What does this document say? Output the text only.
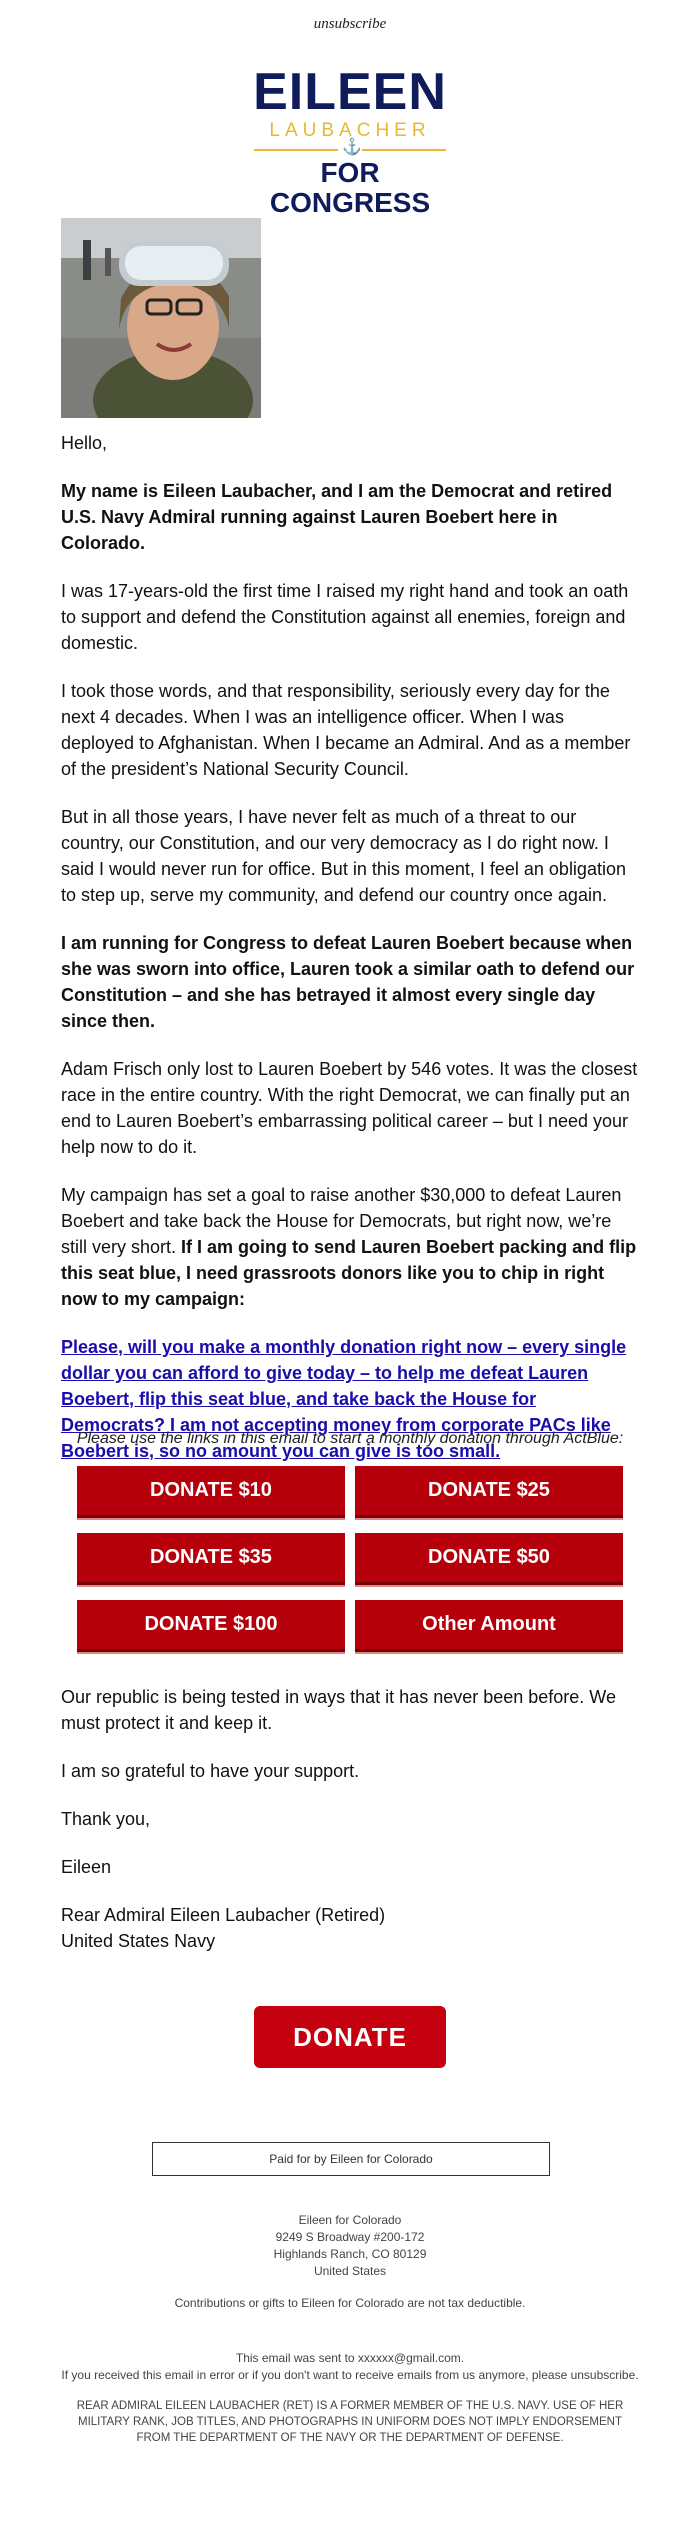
unsubscribe
EILEEN
LAUBACHER
⚓
FOR CONGRESS

Hello,

My name is Eileen Laubacher, and I am the Democrat and retired U.S. Navy Admiral running against Lauren Boebert here in Colorado.

I was 17-years-old the first time I raised my right hand and took an oath to support and defend the Constitution against all enemies, foreign and domestic.

I took those words, and that responsibility, seriously every day for the next 4 decades. When I was an intelligence officer. When I was deployed to Afghanistan. When I became an Admiral. And as a member of the president’s National Security Council.

But in all those years, I have never felt as much of a threat to our country, our Constitution, and our very democracy as I do right now. I said I would never run for office. But in this moment, I feel an obligation to step up, serve my community, and defend our country once again.

I am running for Congress to defeat Lauren Boebert because when she was sworn into office, Lauren took a similar oath to defend our Constitution – and she has betrayed it almost every single day since then.

Adam Frisch only lost to Lauren Boebert by 546 votes. It was the closest race in the entire country. With the right Democrat, we can finally put an end to Lauren Boebert’s embarrassing political career – but I need your help now to do it.

My campaign has set a goal to raise another $30,000 to defeat Lauren Boebert and take back the House for Democrats, but right now, we’re still very short. If I am going to send Lauren Boebert packing and flip this seat blue, I need grassroots donors like you to chip in right now to my campaign:

Please, will you make a monthly donation right now – every single dollar you can afford to give today – to help me defeat Lauren Boebert, flip this seat blue, and take back the House for Democrats? I am not accepting money from corporate PACs like Boebert is, so no amount you can give is too small.

Please use the links in this email to start a monthly donation through ActBlue:
DONATE $10	DONATE $25
DONATE $35	DONATE $50
DONATE $100	Other Amount

Our republic is being tested in ways that it has never been before. We must protect it and keep it.

I am so grateful to have your support.

Thank you,

Eileen

Rear Admiral Eileen Laubacher (Retired)
United States Navy

DONATE
Paid for by Eileen for Colorado
Eileen for Colorado
9249 S Broadway #200-172
Highlands Ranch, CO 80129
United States
Contributions or gifts to Eileen for Colorado are not tax deductible.
This email was sent to xxxxxx@gmail.com.
If you received this email in error or if you don't want to receive emails from us anymore, please unsubscribe.
REAR ADMIRAL EILEEN LAUBACHER (RET) IS A FORMER MEMBER OF THE U.S. NAVY. USE OF HER MILITARY RANK, JOB TITLES, AND PHOTOGRAPHS IN UNIFORM DOES NOT IMPLY ENDORSEMENT FROM THE DEPARTMENT OF THE NAVY OR THE DEPARTMENT OF DEFENSE.
